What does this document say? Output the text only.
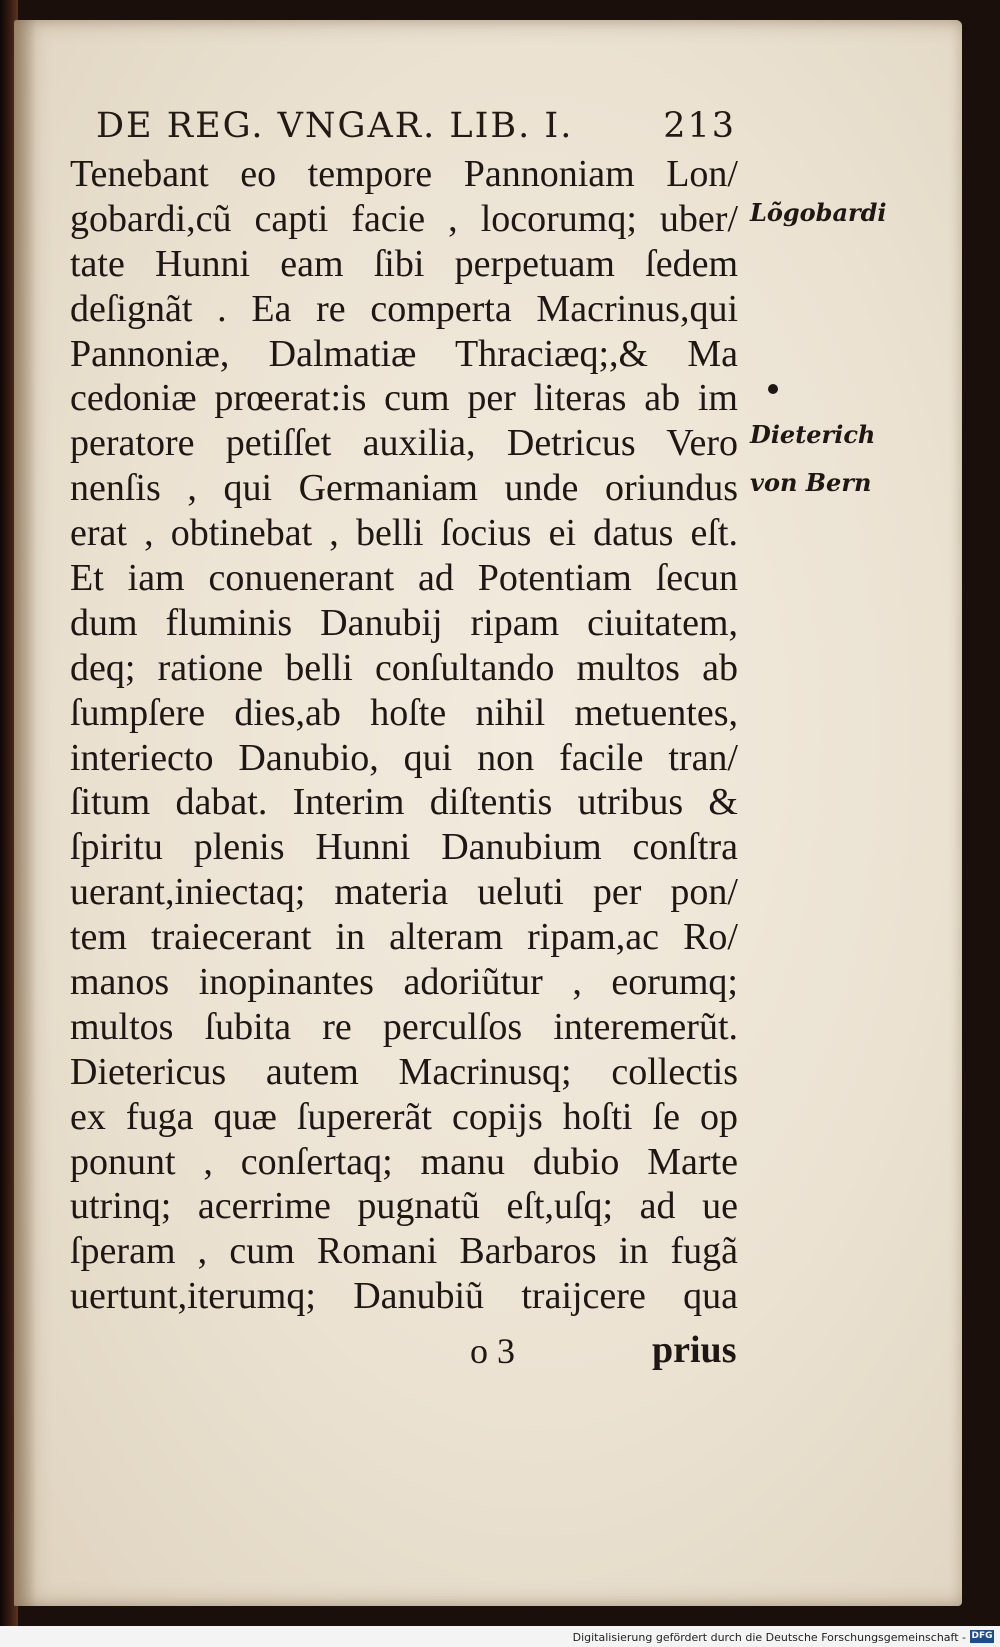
DE REG. VNGAR. LIB. I.	213
Tenebant eo tempore Pannoniam Lon/
gobardi,cũ capti facie , locorumq; uber/
tate Hunni eam ſibi perpetuam ſedem
deſignãt . Ea re comperta Macrinus,qui
Pannoniæ, Dalmatiæ Thraciæq;,& Ma
cedoniæ prœerat:is cum per literas ab im
peratore petiſſet auxilia, Detricus Vero
nenſis , qui Germaniam unde oriundus
erat , obtinebat , belli ſocius ei datus eſt.
Et iam conuenerant ad Potentiam ſecun
dum fluminis Danubij ripam ciuitatem,
deq; ratione belli conſultando multos ab
ſumpſere dies,ab hoſte nihil metuentes,
interiecto Danubio, qui non facile tran/
ſitum dabat. Interim diſtentis utribus &
ſpiritu plenis Hunni Danubium conſtra
uerant,iniectaq; materia ueluti per pon/
tem traiecerant in alteram ripam,ac Ro/
manos inopinantes adoriũtur , eorumq;
multos ſubita re perculſos interemerũt.
Dietericus autem Macrinusq; collectis
ex fuga quæ ſupererãt copijs hoſti ſe op
ponunt , conſertaq; manu dubio Marte
utrinq; acerrime pugnatũ eſt,uſq; ad ue
ſperam , cum Romani Barbaros in fugã
uertunt,iterumq; Danubiũ traijcere qua
Lõgobardi
Dieterich
von Bern
o 3	prius
Digitalisierung gefördert durch die Deutsche Forschungsgemeinschaft - DFG
